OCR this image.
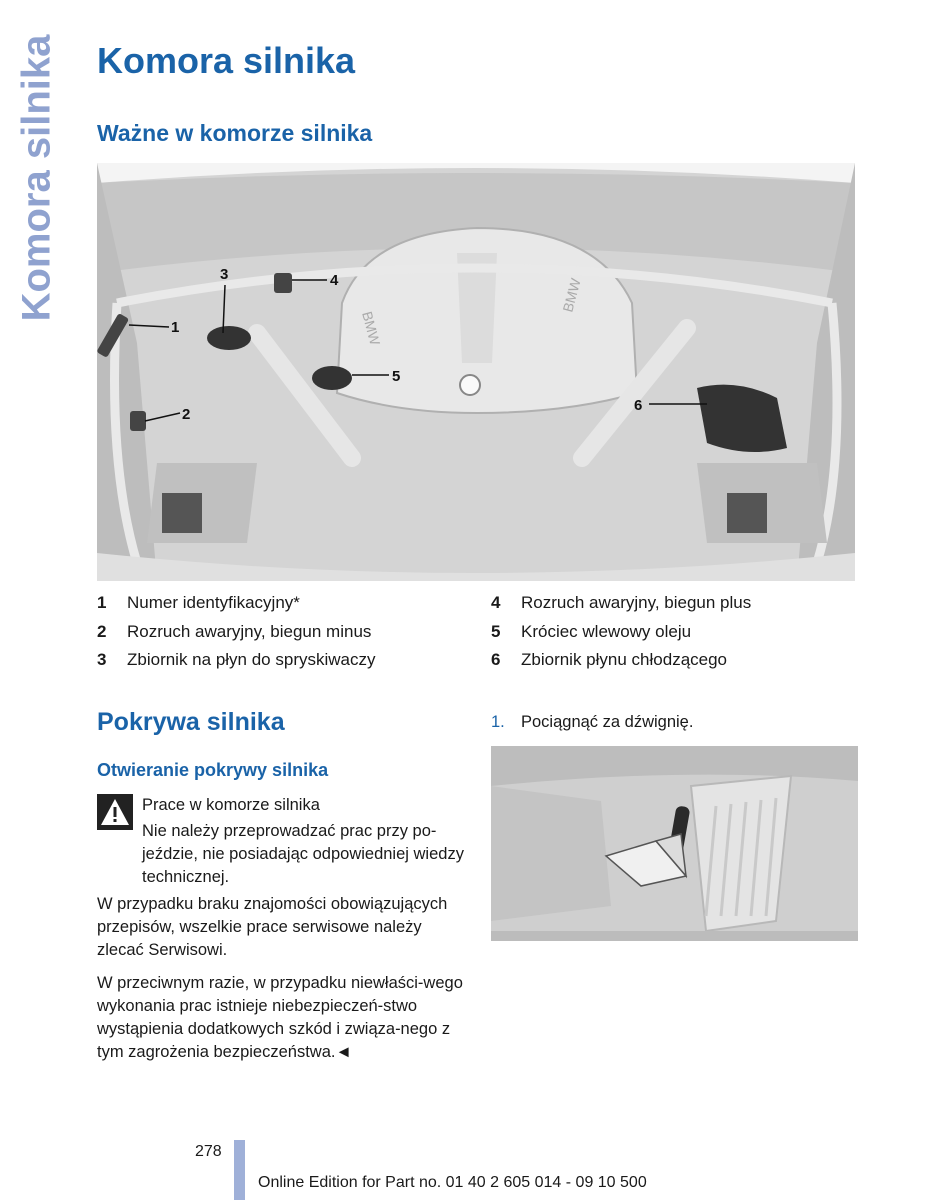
Komora silnika Komora silnika
Ważne w komorze silnika
BMW
BMW
1
2
3	4
5
6
1	Numer identyfikacyjny*
2	Rozruch awaryjny, biegun minus
3	Zbiornik na płyn do spryskiwaczy
4	Rozruch awaryjny, biegun plus
5	Króciec wlewowy oleju
6	Zbiornik płynu chłodzącego
Pokrywa silnika
Otwieranie pokrywy silnika
Prace w komorze silnika
Nie należy przeprowadzać prac przy po-jeździe, nie posiadając odpowiedniej wiedzy technicznej.

W przypadku braku znajomości obowiązujących przepisów, wszelkie prace serwisowe należy zlecać Serwisowi.

W przeciwnym razie, w przypadku niewłaści-wego wykonania prac istnieje niebezpieczeń-stwo wystąpienia dodatkowych szkód i związa-nego z tym zagrożenia bezpieczeństwa.◄

1. Pociągnąć za dźwignię.
278
Online Edition for Part no. 01 40 2 605 014 - 09 10 500
